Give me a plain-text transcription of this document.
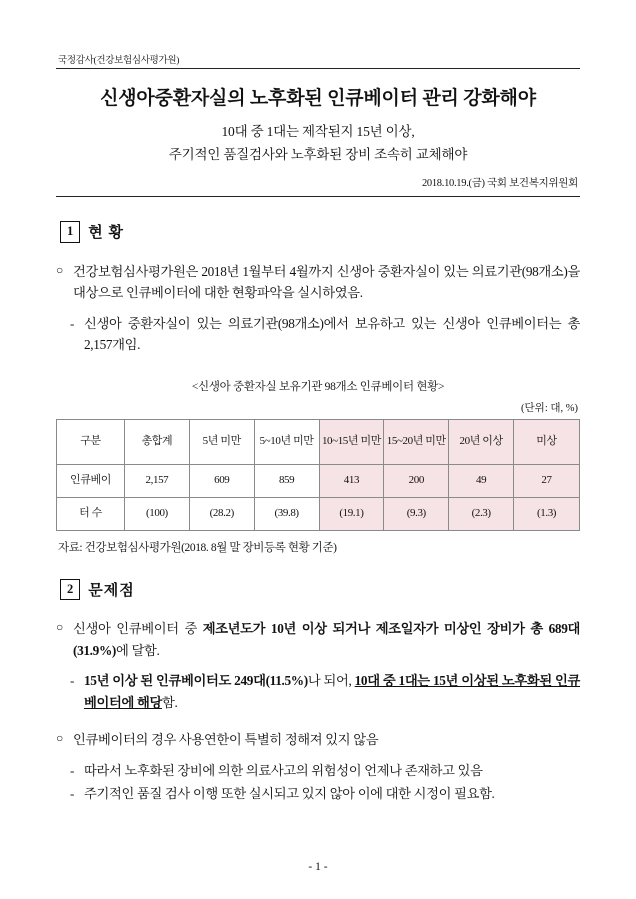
국정감사(건강보험심사평가원)
신생아중환자실의 노후화된 인큐베이터 관리 강화해야
10대 중 1대는 제작된지 15년 이상,
주기적인 품질검사와 노후화된 장비 조속히 교체해야
2018.10.19.(금) 국회 보건복지위원회
1	현 황
○ 건강보험심사평가원은 2018년 1월부터 4월까지 신생아 중환자실이 있는 의료기관(98개소)을 대상으로 인큐베이터에 대한 현황파악을 실시하였음.
- 신생아 중환자실이 있는 의료기관(98개소)에서 보유하고 있는 신생아 인큐베이터는 총 2,157개임.
<신생아 중환자실 보유기관 98개소 인큐베이터 현황>
(단위: 대, %)
구분	총합계	5년 미만	5~10년 미만	10~15년 미만	15~20년 미만	20년 이상	미상
인큐베이	2,157	609	859	413	200	49	27
터 수	(100)	(28.2)	(39.8)	(19.1)	(9.3)	(2.3)	(1.3)
자료: 건강보험심사평가원(2018. 8월 말 장비등록 현황 기준)
2	문제점
○ 신생아 인큐베이터 중 제조년도가 10년 이상 되거나 제조일자가 미상인 장비가 총 689대(31.9%)에 달함.
- 15년 이상 된 인큐베이터도 249대(11.5%)나 되어, 10대 중 1대는 15년 이상된 노후화된 인큐베이터에 해당함.
○ 인큐베이터의 경우 사용연한이 특별히 정해져 있지 않음
- 따라서 노후화된 장비에 의한 의료사고의 위험성이 언제나 존재하고 있음
- 주기적인 품질 검사 이행 또한 실시되고 있지 않아 이에 대한 시정이 필요함.
- 1 -
